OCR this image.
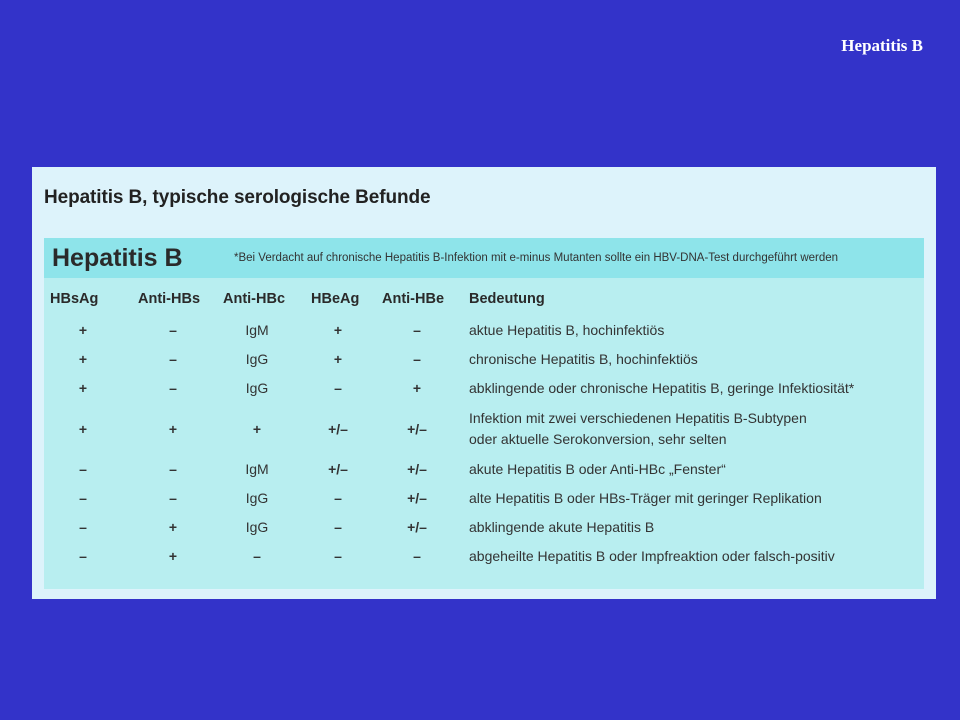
Hepatitis B
Hepatitis B, typische serologische Befunde
Hepatitis B	*Bei Verdacht auf chronische Hepatitis B-Infektion mit e-minus Mutanten sollte ein HBV-DNA-Test durchgeführt werden
HBsAg	Anti-HBs Anti-HBc HBeAg Anti-HBe Bedeutung
+	–	IgM	+	–	aktue Hepatitis B, hochinfektiös
+	–	IgG	+	–	chronische Hepatitis B, hochinfektiös
+	–	IgG	–	+	abklingende oder chronische Hepatitis B, geringe Infektiosität*
+	+	+	+/–	+/–
Infektion mit zwei verschiedenen Hepatitis B-Subtypen
oder aktuelle Serokonversion, sehr selten
–	–	IgM	+/–	+/–	akute Hepatitis B oder Anti-HBc „Fenster“
–	–	IgG	–	+/–	alte Hepatitis B oder HBs-Träger mit geringer Replikation
–	+	IgG	–	+/–	abklingende akute Hepatitis B
–	+	–	–	–	abgeheilte Hepatitis B oder Impfreaktion oder falsch-positiv
